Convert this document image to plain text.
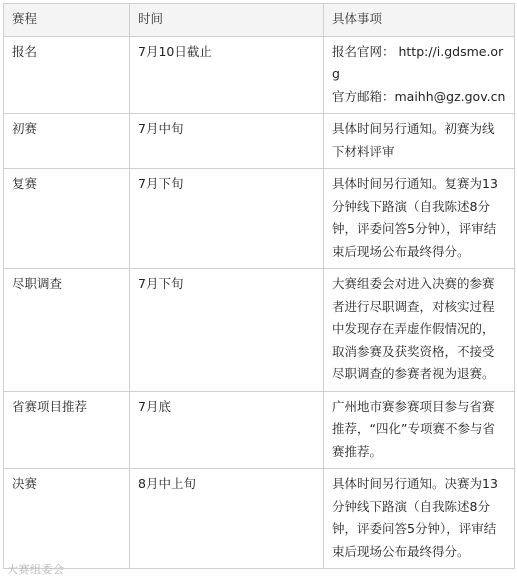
赛程	时间	具体事项
报名	7月10日截止	报名官网： http://i.gdsme.org
官方邮箱：maihh@gz.gov.cn

初赛	7月中旬	具体时间另行通知。初赛为线下材料评审

复赛	7月下旬	具体时间另行通知。复赛为13分钟线下路演（自我陈述8分钟，评委问答5分钟），评审结束后现场公布最终得分。

尽职调查	7月下旬	大赛组委会对进入决赛的参赛者进行尽职调查，对核实过程中发现存在弄虚作假情况的，取消参赛及获奖资格，不接受尽职调查的参赛者视为退赛。

省赛项目推荐	7月底	广州地市赛参赛项目参与省赛推荐，“四化”专项赛不参与省赛推荐。

决赛	8月中上旬	具体时间另行通知。决赛为13分钟线下路演（自我陈述8分钟，评委问答5分钟），评审结束后现场公布最终得分。
大赛组委会
